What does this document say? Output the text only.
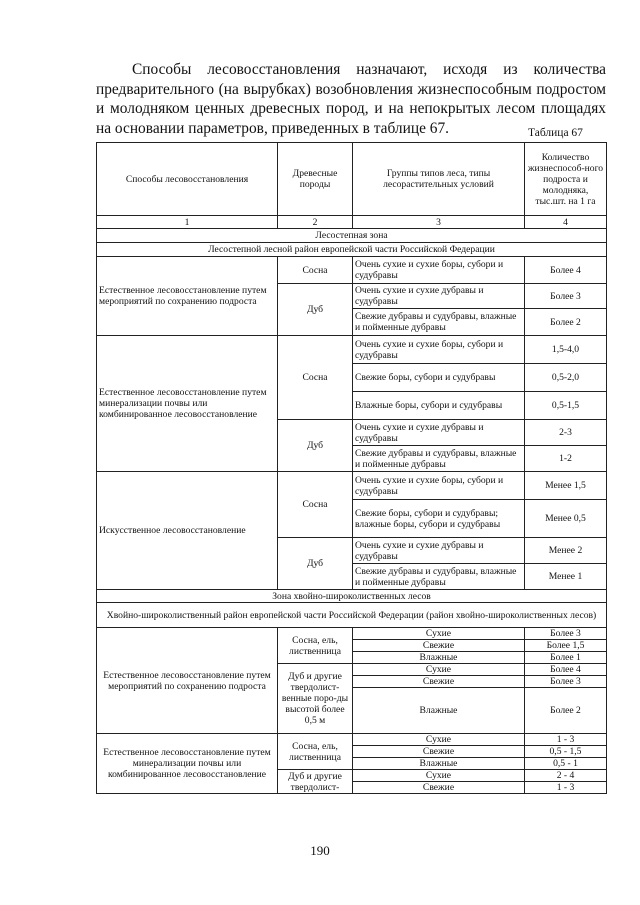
Способы лесовосстановления назначают, исходя из количества предварительного (на вырубках) возобновления жизнеспособным подростом и молодняком ценных древесных пород, и на непокрытых лесом площадях на основании параметров, приведенных в таблице 67.	Таблица 67
Способы лесовосстановления	Древесные породы	Группы типов леса, типы лесорастительных условий	Количество жизнеспособ-ного подроста и молодняка, тыс.шт. на 1 га
1	2	3	4
Лесостепная зона			
Лесостепной лесной район европейской части Российской Федерации			
Естественное лесовосстановление путем мероприятий по сохранению подроста	Сосна	Очень сухие и сухие боры, субори и судубравы	Более 4
	Дуб	Очень сухие и сухие дубравы и судубравы	Более 3
		Свежие дубравы и судубравы, влажные и пойменные дубравы	Более 2
Естественное лесовосстановление путем минерализации почвы или комбинированное лесовосстановление	Сосна	Очень сухие и сухие боры, субори и судубравы	1,5-4,0
		Свежие боры, субори и судубравы	0,5-2,0
		Влажные боры, субори и судубравы	0,5-1,5
	Дуб	Очень сухие и сухие дубравы и судубравы	2-3
		Свежие дубравы и судубравы, влажные и пойменные дубравы	1-2
Искусственное лесовосстановление	Сосна	Очень сухие и сухие боры, субори и судубравы	Менее 1,5
		Свежие боры, субори и судубравы; влажные боры, субори и судубравы	Менее 0,5
	Дуб	Очень сухие и сухие дубравы и судубравы	Менее 2
		Свежие дубравы и судубравы, влажные и пойменные дубравы	Менее 1
Зона хвойно-широколиственных лесов			
Хвойно-широколиственный район европейской части Российской Федерации (район хвойно-широколиственных лесов)			
Естественное лесовосстановление путем мероприятий по сохранению подроста	Сосна, ель, лиственница	Сухие	Более 3
		Свежие	Более 1,5
		Влажные	Более 1
	Дуб и другие твердолист-венные поро-ды высотой более 0,5 м	Сухие	Более 4
		Свежие	Более 3
		Влажные	Более 2
Естественное лесовосстановление путем минерализации почвы или комбинированное лесовосстановление	Сосна, ель, лиственница	Сухие	1 - 3
		Свежие	0,5 - 1,5
		Влажные	0,5 - 1
	Дуб и другие твердолист-	Сухие	2 - 4
		Свежие	1 - 3
190
